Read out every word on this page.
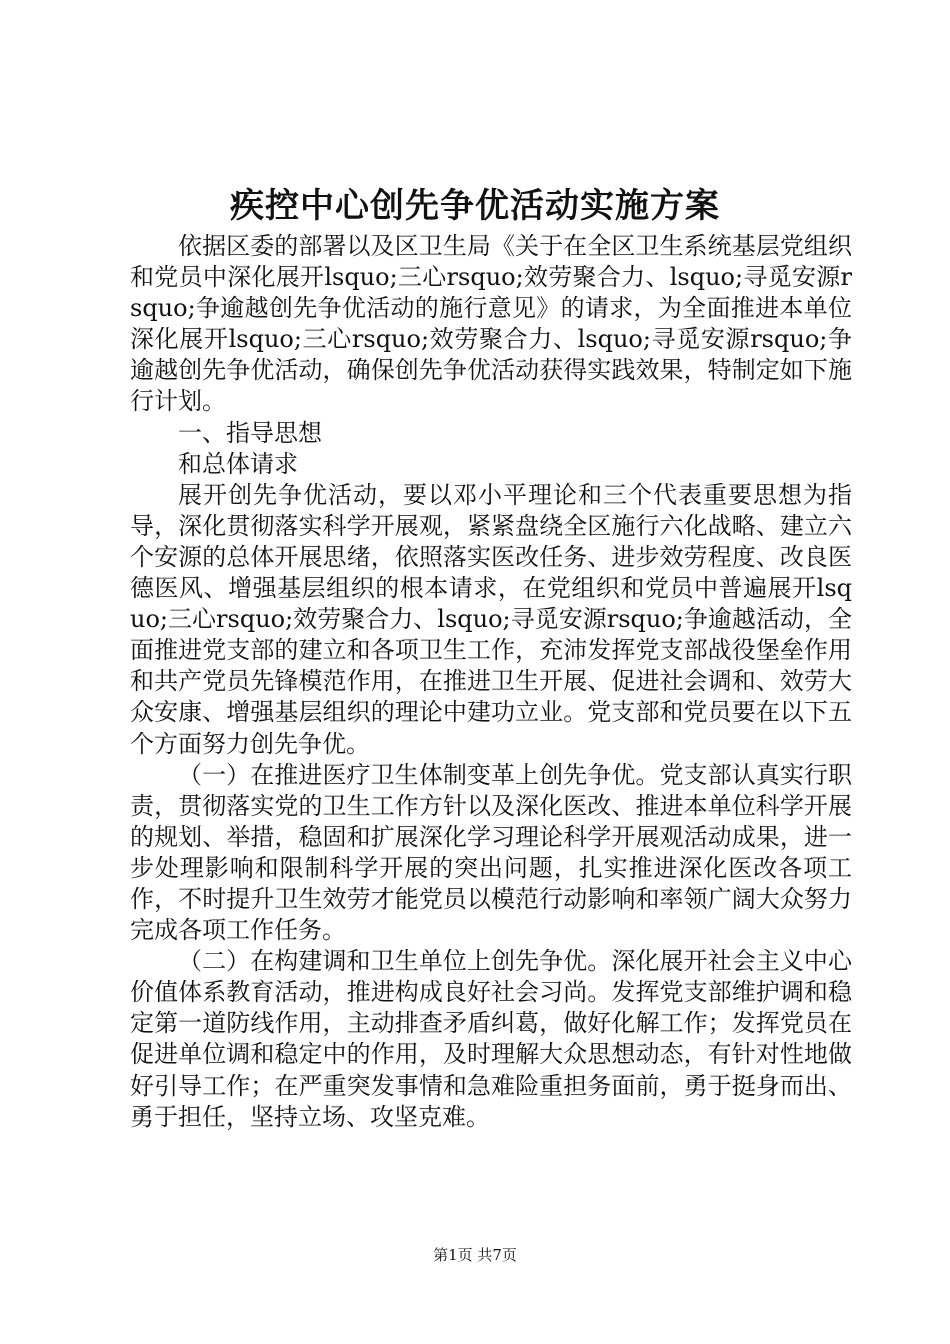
疾控中心创先争优活动实施方案

依据区委的部署以及区卫生局《关于在全区卫生系统基层党组织和党员中深化展开lsquo;三心rsquo;效劳聚合力、lsquo;寻觅安源rsquo;争逾越创先争优活动的施行意见》的请求，为全面推进本单位深化展开lsquo;三心rsquo;效劳聚合力、lsquo;寻觅安源rsquo;争逾越创先争优活动，确保创先争优活动获得实践效果，特制定如下施行计划。

一、指导思想

和总体请求

展开创先争优活动，要以邓小平理论和三个代表重要思想为指导，深化贯彻落实科学开展观，紧紧盘绕全区施行六化战略、建立六个安源的总体开展思绪，依照落实医改任务、进步效劳程度、改良医德医风、增强基层组织的根本请求，在党组织和党员中普遍展开lsquo;三心rsquo;效劳聚合力、lsquo;寻觅安源rsquo;争逾越活动，全面推进党支部的建立和各项卫生工作，充沛发挥党支部战役堡垒作用和共产党员先锋模范作用，在推进卫生开展、促进社会调和、效劳大众安康、增强基层组织的理论中建功立业。党支部和党员要在以下五个方面努力创先争优。

（一）在推进医疗卫生体制变革上创先争优。党支部认真实行职责，贯彻落实党的卫生工作方针以及深化医改、推进本单位科学开展的规划、举措，稳固和扩展深化学习理论科学开展观活动成果，进一步处理影响和限制科学开展的突出问题，扎实推进深化医改各项工作，不时提升卫生效劳才能党员以模范行动影响和率领广阔大众努力完成各项工作任务。

（二）在构建调和卫生单位上创先争优。深化展开社会主义中心价值体系教育活动，推进构成良好社会习尚。发挥党支部维护调和稳定第一道防线作用，主动排查矛盾纠葛，做好化解工作；发挥党员在促进单位调和稳定中的作用，及时理解大众思想动态，有针对性地做好引导工作；在严重突发事情和急难险重担务面前，勇于挺身而出、勇于担任，坚持立场、攻坚克难。

第1页 共7页
